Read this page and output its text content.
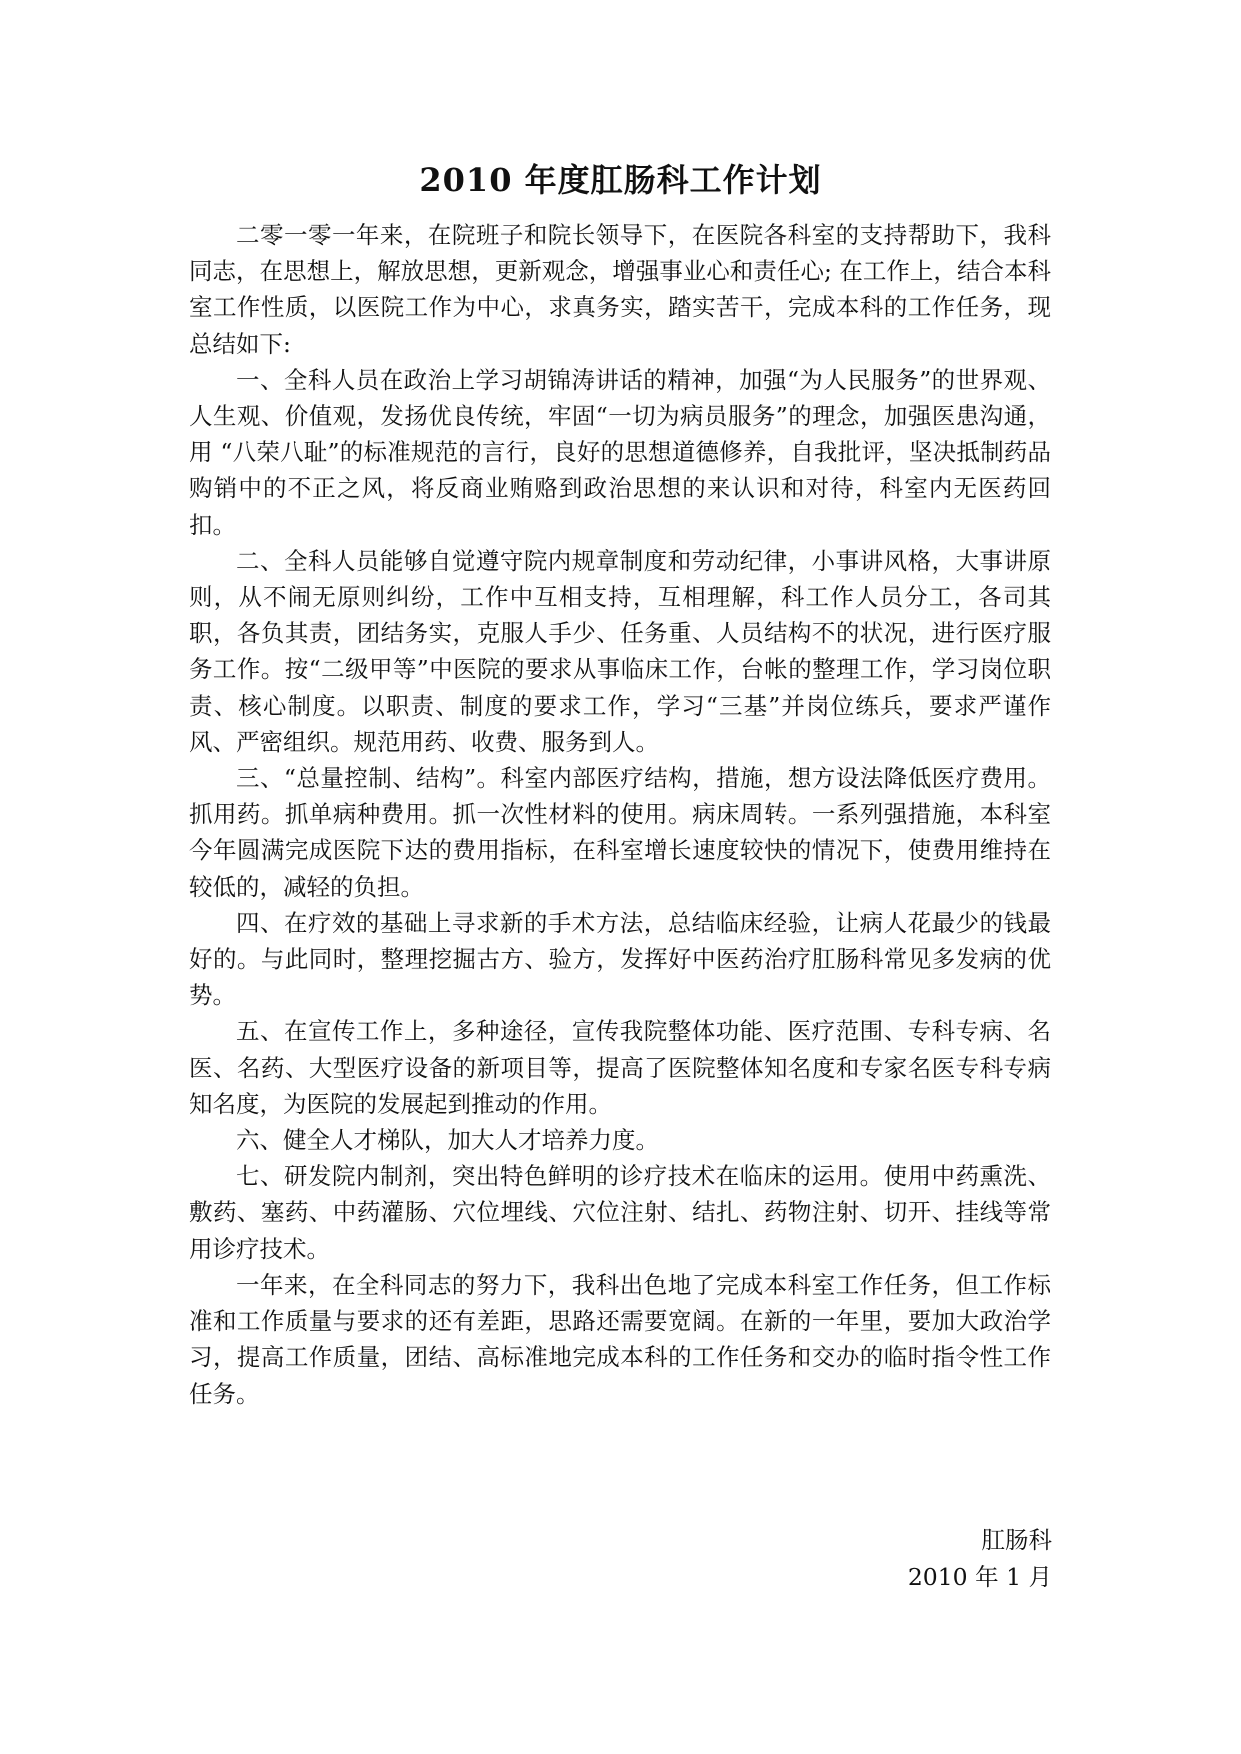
2010 年度肛肠科工作计划

二零一零一年来，在院班子和院长领导下，在医院各科室的支持帮助下，我科同志，在思想上，解放思想，更新观念，增强事业心和责任心; 在工作上，结合本科室工作性质，以医院工作为中心，求真务实，踏实苦干，完成本科的工作任务，现总结如下:

一、全科人员在政治上学习胡锦涛讲话的精神，加强“为人民服务”的世界观、人生观、价值观，发扬优良传统，牢固“一切为病员服务”的理念，加强医患沟通，用 “八荣八耻”的标准规范的言行，良好的思想道德修养，自我批评，坚决抵制药品购销中的不正之风，将反商业贿赂到政治思想的来认识和对待，科室内无医药回扣。

二、全科人员能够自觉遵守院内规章制度和劳动纪律，小事讲风格，大事讲原则，从不闹无原则纠纷，工作中互相支持，互相理解，科工作人员分工，各司其职，各负其责，团结务实，克服人手少、任务重、人员结构不的状况，进行医疗服务工作。按“二级甲等”中医院的要求从事临床工作，台帐的整理工作，学习岗位职责、核心制度。以职责、制度的要求工作，学习“三基”并岗位练兵，要求严谨作风、严密组织。规范用药、收费、服务到人。

三、“总量控制、结构”。科室内部医疗结构，措施，想方设法降低医疗费用。抓用药。抓单病种费用。抓一次性材料的使用。病床周转。一系列强措施，本科室今年圆满完成医院下达的费用指标，在科室增长速度较快的情况下，使费用维持在较低的，减轻的负担。

四、在疗效的基础上寻求新的手术方法，总结临床经验，让病人花最少的钱最好的。与此同时，整理挖掘古方、验方，发挥好中医药治疗肛肠科常见多发病的优势。

五、在宣传工作上，多种途径，宣传我院整体功能、医疗范围、专科专病、名医、名药、大型医疗设备的新项目等，提高了医院整体知名度和专家名医专科专病知名度，为医院的发展起到推动的作用。

六、健全人才梯队，加大人才培养力度。

七、研发院内制剂，突出特色鲜明的诊疗技术在临床的运用。使用中药熏洗、敷药、塞药、中药灌肠、穴位埋线、穴位注射、结扎、药物注射、切开、挂线等常用诊疗技术。

一年来，在全科同志的努力下，我科出色地了完成本科室工作任务，但工作标准和工作质量与要求的还有差距，思路还需要宽阔。在新的一年里，要加大政治学习，提高工作质量，团结、高标准地完成本科的工作任务和交办的临时指令性工作任务。

肛肠科
2010 年 1 月
